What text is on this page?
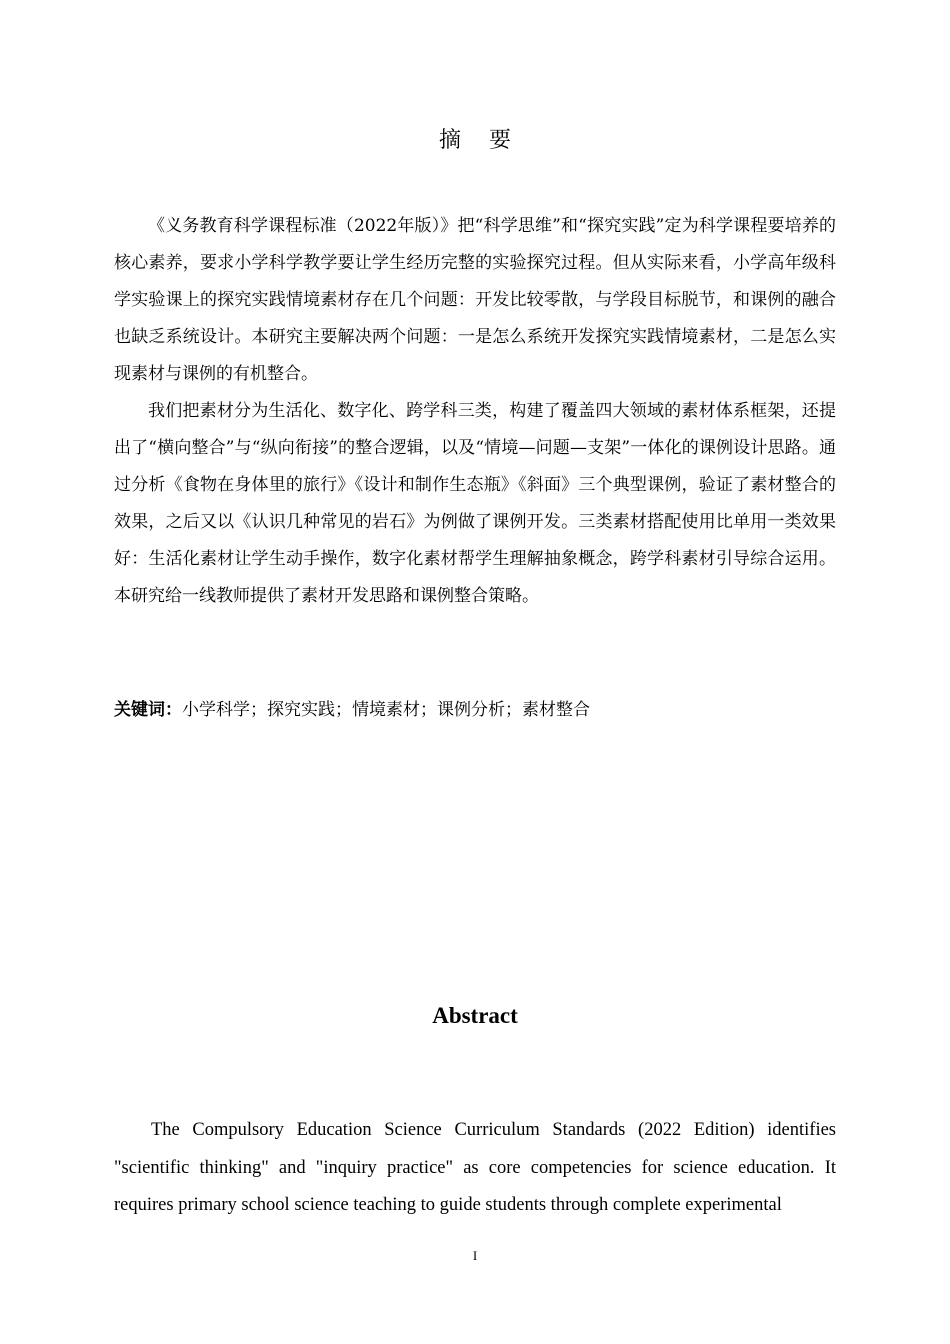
摘要

《义务教育科学课程标准（2022年版）》把“科学思维”和“探究实践”定为科学课程要培养的核心素养，要求小学科学教学要让学生经历完整的实验探究过程。但从实际来看，小学高年级科学实验课上的探究实践情境素材存在几个问题：开发比较零散，与学段目标脱节，和课例的融合也缺乏系统设计。本研究主要解决两个问题：一是怎么系统开发探究实践情境素材，二是怎么实现素材与课例的有机整合。

我们把素材分为生活化、数字化、跨学科三类，构建了覆盖四大领域的素材体系框架，还提出了“横向整合”与“纵向衔接”的整合逻辑，以及“情境—问题—支架”一体化的课例设计思路。通过分析《食物在身体里的旅行》《设计和制作生态瓶》《斜面》三个典型课例，验证了素材整合的效果，之后又以《认识几种常见的岩石》为例做了课例开发。三类素材搭配使用比单用一类效果好：生活化素材让学生动手操作，数字化素材帮学生理解抽象概念，跨学科素材引导综合运用。本研究给一线教师提供了素材开发思路和课例整合策略。

关键词：小学科学；探究实践；情境素材；课例分析；素材整合
Abstract

The Compulsory Education Science Curriculum Standards (2022 Edition) identifies "scientific thinking" and "inquiry practice" as core competencies for science education. It requires primary school science teaching to guide students through complete experimental

I
